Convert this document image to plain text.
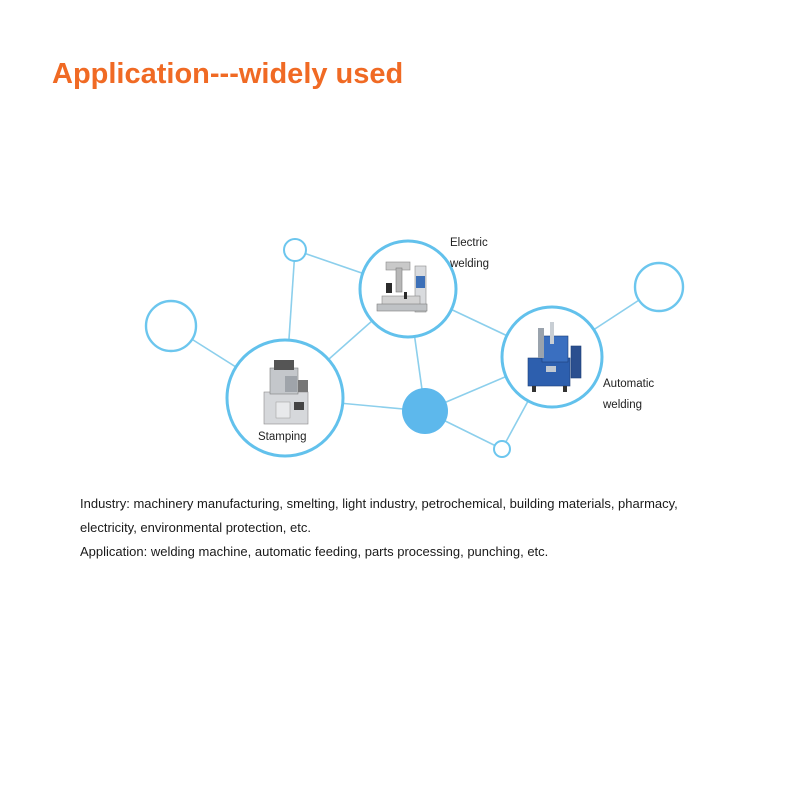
Application---widely used
Electric
welding
Automatic
welding
Stamping

Industry: machinery manufacturing, smelting, light industry, petrochemical, building materials, pharmacy,

electricity, environmental protection, etc.

Application: welding machine, automatic feeding, parts processing, punching, etc.
